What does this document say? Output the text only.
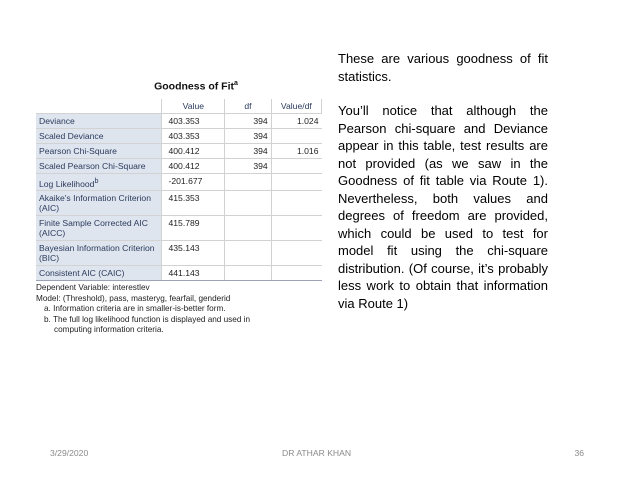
Goodness of Fit$^a$
	Value	df	Value/df
Deviance	403.353	394	1.024
Scaled Deviance	403.353	394	
Pearson Chi-Square	400.412	394	1.016
Scaled Pearson Chi-Square	400.412	394	
Log Likelihood$^b$	-201.677		
Akaike's Information Criterion (AIC)	415.353		
Finite Sample Corrected AIC (AICC)	415.789		
Bayesian Information Criterion (BIC)	435.143		
Consistent AIC (CAIC)	441.143		
Dependent Variable: interestlev
Model: (Threshold), pass, masteryg, fearfail, genderid
a. Information criteria are in smaller-is-better form.
b. The full log likelihood function is displayed and used in
computing information criteria.

These are various goodness of fit statistics.

You’ll notice that although the Pearson chi-square and Deviance appear in this table, test results are not provided (as we saw in the Goodness of fit table via Route 1). Nevertheless, both values and degrees of freedom are provided, which could be used to test for model fit using the chi-square distribution. (Of course, it’s probably less work to obtain that information via Route 1)

3/29/2020	DR ATHAR KHAN	36
